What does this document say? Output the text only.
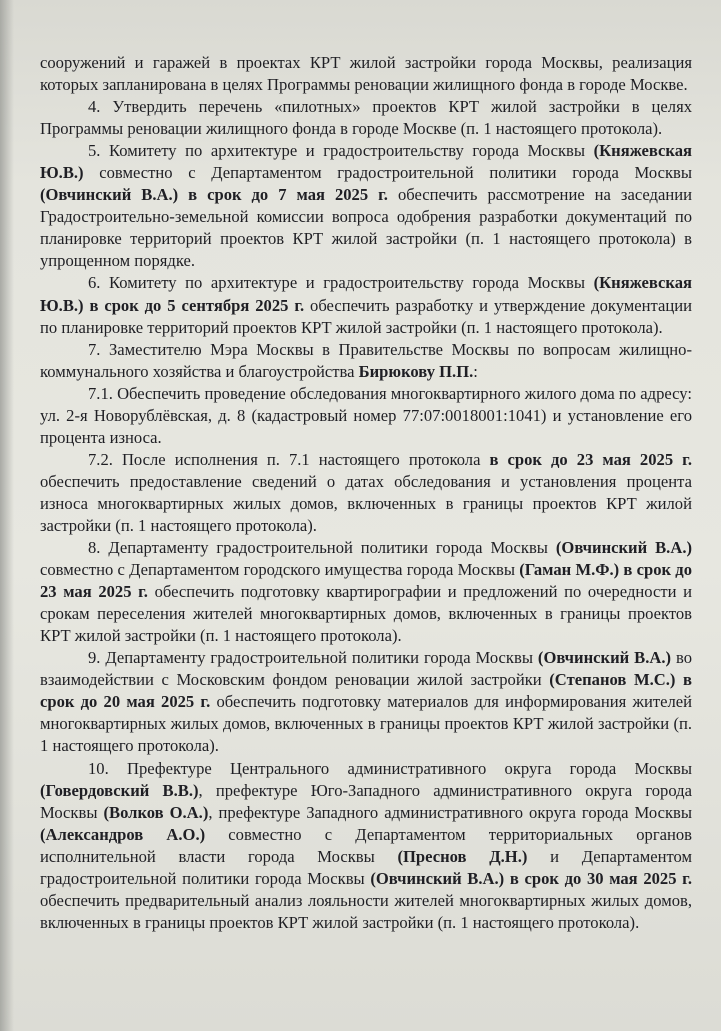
сооружений и гаражей в проектах КРТ жилой застройки города Москвы, реализация которых запланирована в целях Программы реновации жилищного фонда в городе Москве.

4. Утвердить перечень «пилотных» проектов КРТ жилой застройки в целях Программы реновации жилищного фонда в городе Москве (п. 1 настоящего протокола).

5. Комитету по архитектуре и градостроительству города Москвы (Княжевская Ю.В.) совместно с Департаментом градостроительной политики города Москвы (Овчинский В.А.) в срок до 7 мая 2025 г. обеспечить рассмотрение на заседании Градостроительно-земельной комиссии вопроса одобрения разработки документаций по планировке территорий проектов КРТ жилой застройки (п. 1 настоящего протокола) в упрощенном порядке.

6. Комитету по архитектуре и градостроительству города Москвы (Княжевская Ю.В.) в срок до 5 сентября 2025 г. обеспечить разработку и утверждение документации по планировке территорий проектов КРТ жилой застройки (п. 1 настоящего протокола).

7. Заместителю Мэра Москвы в Правительстве Москвы по вопросам жилищно-коммунального хозяйства и благоустройства Бирюкову П.П.:

7.1. Обеспечить проведение обследования многоквартирного жилого дома по адресу: ул. 2-я Новорублёвская, д. 8 (кадастровый номер 77:07:0018001:1041) и установление его процента износа.

7.2. После исполнения п. 7.1 настоящего протокола в срок до 23 мая 2025 г. обеспечить предоставление сведений о датах обследования и установления процента износа многоквартирных жилых домов, включенных в границы проектов КРТ жилой застройки (п. 1 настоящего протокола).

8. Департаменту градостроительной политики города Москвы (Овчинский В.А.) совместно с Департаментом городского имущества города Москвы (Гаман М.Ф.) в срок до 23 мая 2025 г. обеспечить подготовку квартирографии и предложений по очередности и срокам переселения жителей многоквартирных домов, включенных в границы проектов КРТ жилой застройки (п. 1 настоящего протокола).

9. Департаменту градостроительной политики города Москвы (Овчинский В.А.) во взаимодействии с Московским фондом реновации жилой застройки (Степанов М.С.) в срок до 20 мая 2025 г. обеспечить подготовку материалов для информирования жителей многоквартирных жилых домов, включенных в границы проектов КРТ жилой застройки (п. 1 настоящего протокола).

10. Префектуре Центрального административного округа города Москвы (Говердовский В.В.), префектуре Юго-Западного административного округа города Москвы (Волков О.А.), префектуре Западного административного округа города Москвы (Александров А.О.) совместно с Департаментом территориальных органов исполнительной власти города Москвы (Преснов Д.Н.) и Департаментом градостроительной политики города Москвы (Овчинский В.А.) в срок до 30 мая 2025 г. обеспечить предварительный анализ лояльности жителей многоквартирных жилых домов, включенных в границы проектов КРТ жилой застройки (п. 1 настоящего протокола).
